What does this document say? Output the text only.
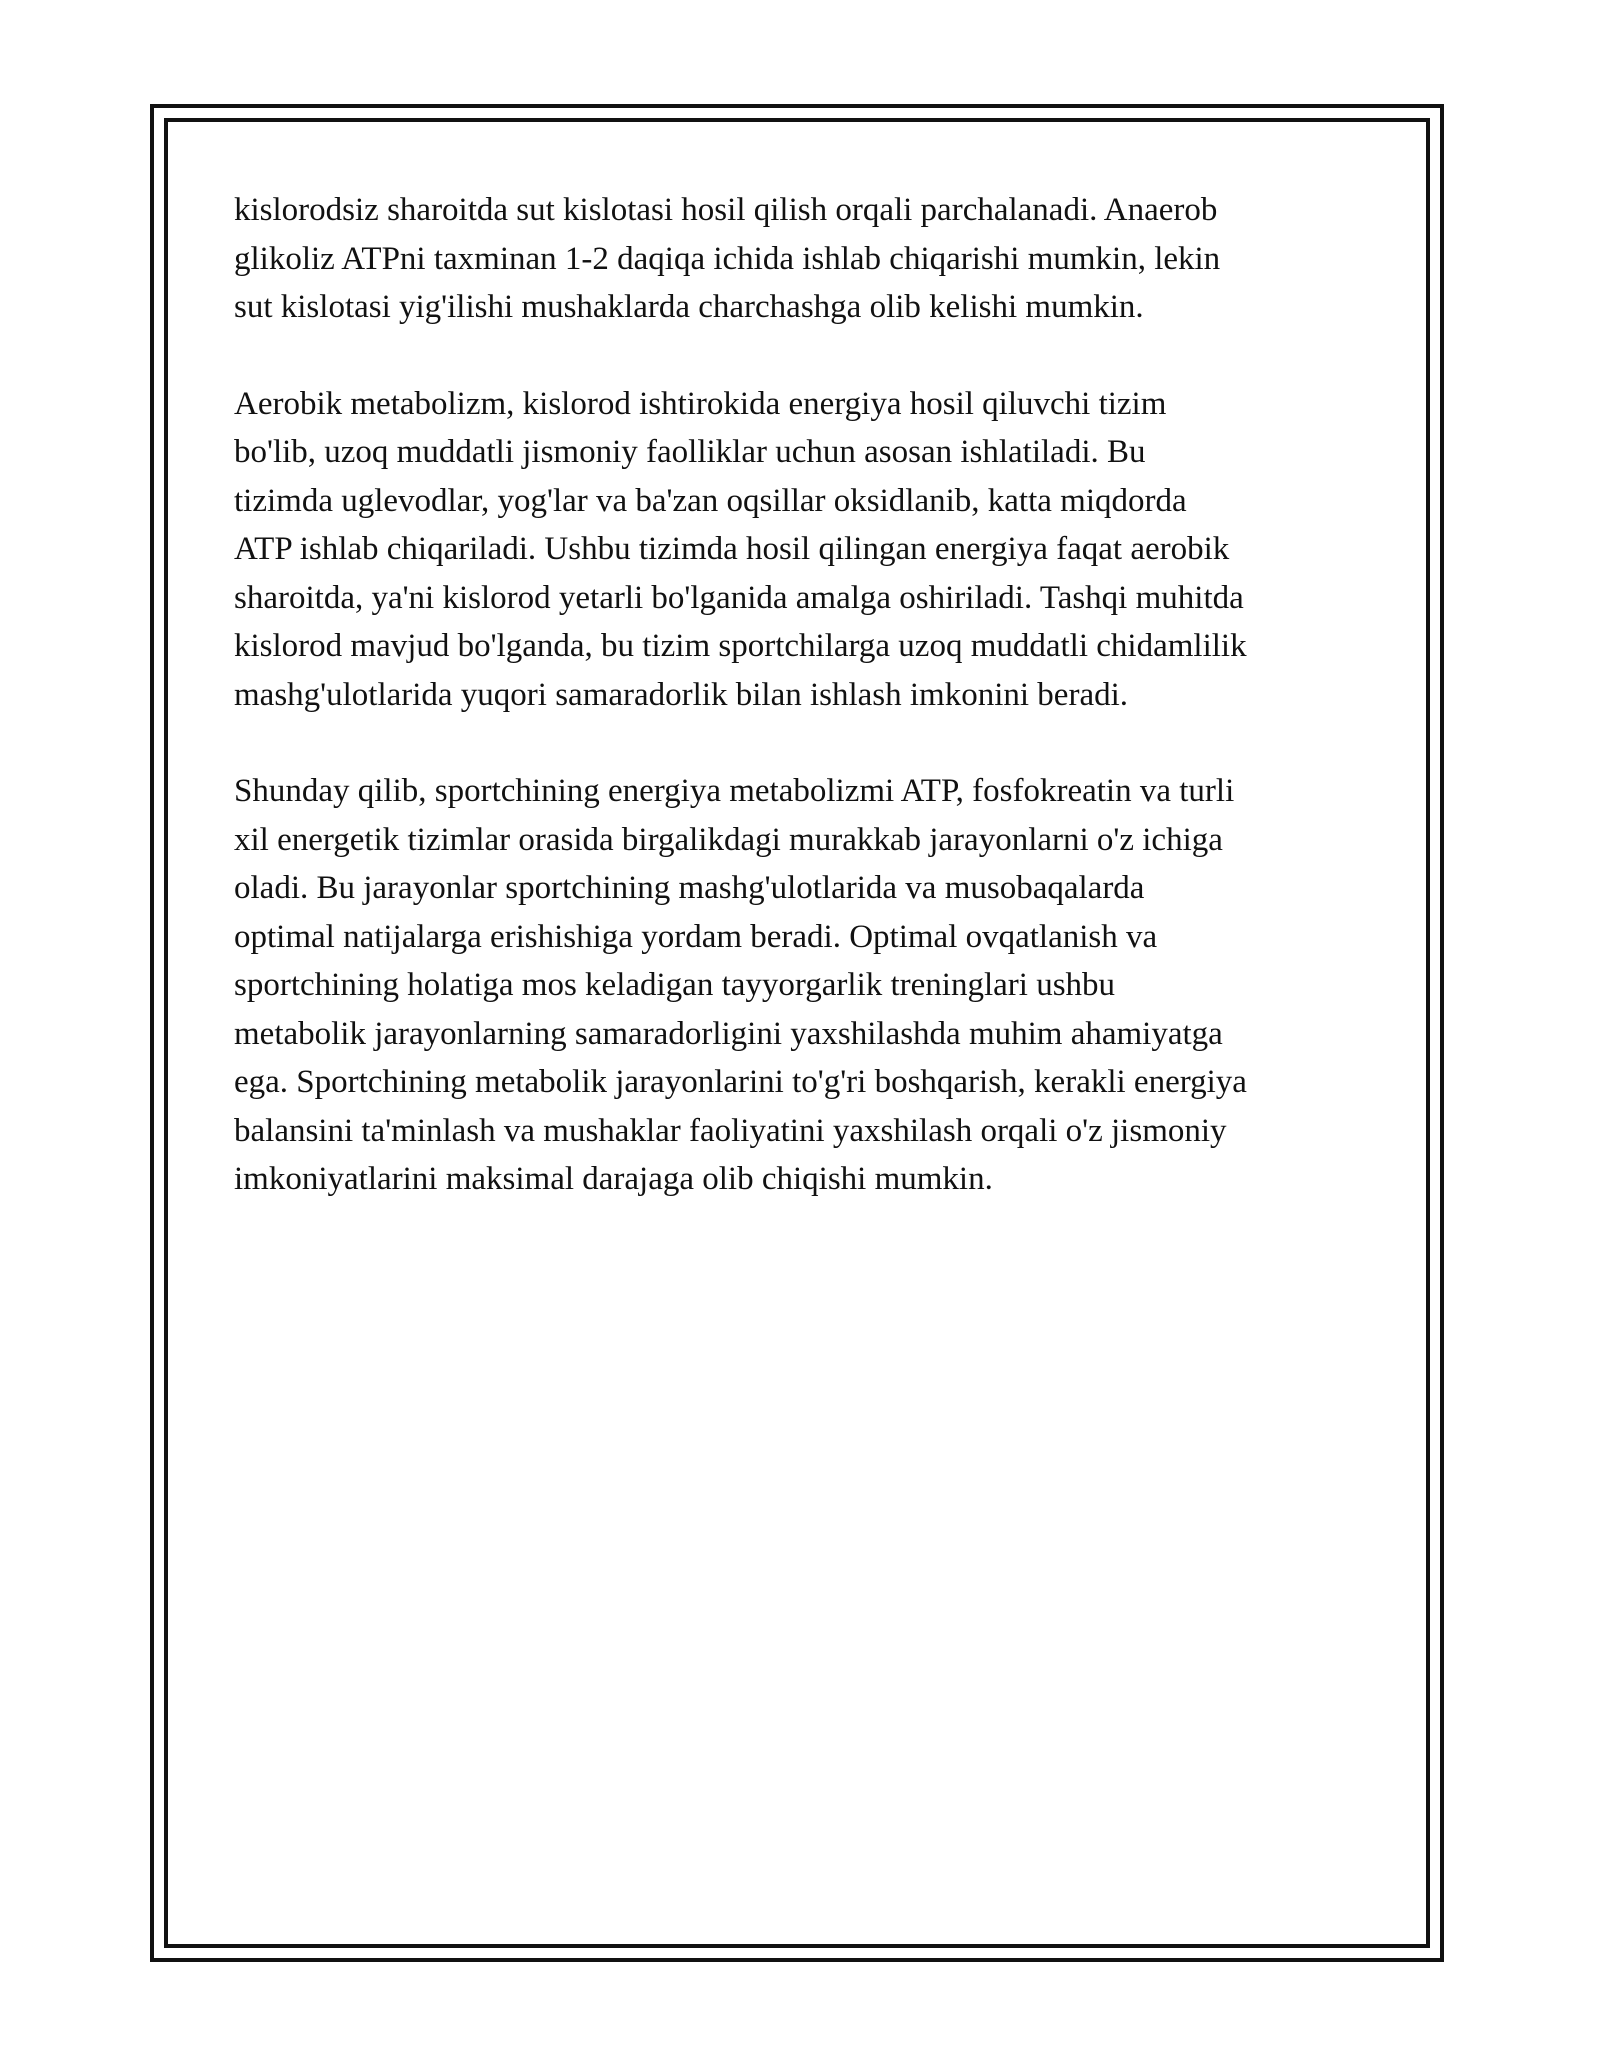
kislorodsiz sharoitda sut kislotasi hosil qilish orqali parchalanadi. Anaerob
glikoliz ATPni taxminan 1-2 daqiqa ichida ishlab chiqarishi mumkin, lekin
sut kislotasi yig'ilishi mushaklarda charchashga olib kelishi mumkin.

Aerobik metabolizm, kislorod ishtirokida energiya hosil qiluvchi tizim
bo'lib, uzoq muddatli jismoniy faolliklar uchun asosan ishlatiladi. Bu
tizimda uglevodlar, yog'lar va ba'zan oqsillar oksidlanib, katta miqdorda
ATP ishlab chiqariladi. Ushbu tizimda hosil qilingan energiya faqat aerobik
sharoitda, ya'ni kislorod yetarli bo'lganida amalga oshiriladi. Tashqi muhitda
kislorod mavjud bo'lganda, bu tizim sportchilarga uzoq muddatli chidamlilik
mashg'ulotlarida yuqori samaradorlik bilan ishlash imkonini beradi.

Shunday qilib, sportchining energiya metabolizmi ATP, fosfokreatin va turli
xil energetik tizimlar orasida birgalikdagi murakkab jarayonlarni o'z ichiga
oladi. Bu jarayonlar sportchining mashg'ulotlarida va musobaqalarda
optimal natijalarga erishishiga yordam beradi. Optimal ovqatlanish va
sportchining holatiga mos keladigan tayyorgarlik treninglari ushbu
metabolik jarayonlarning samaradorligini yaxshilashda muhim ahamiyatga
ega. Sportchining metabolik jarayonlarini to'g'ri boshqarish, kerakli energiya
balansini ta'minlash va mushaklar faoliyatini yaxshilash orqali o'z jismoniy
imkoniyatlarini maksimal darajaga olib chiqishi mumkin.
